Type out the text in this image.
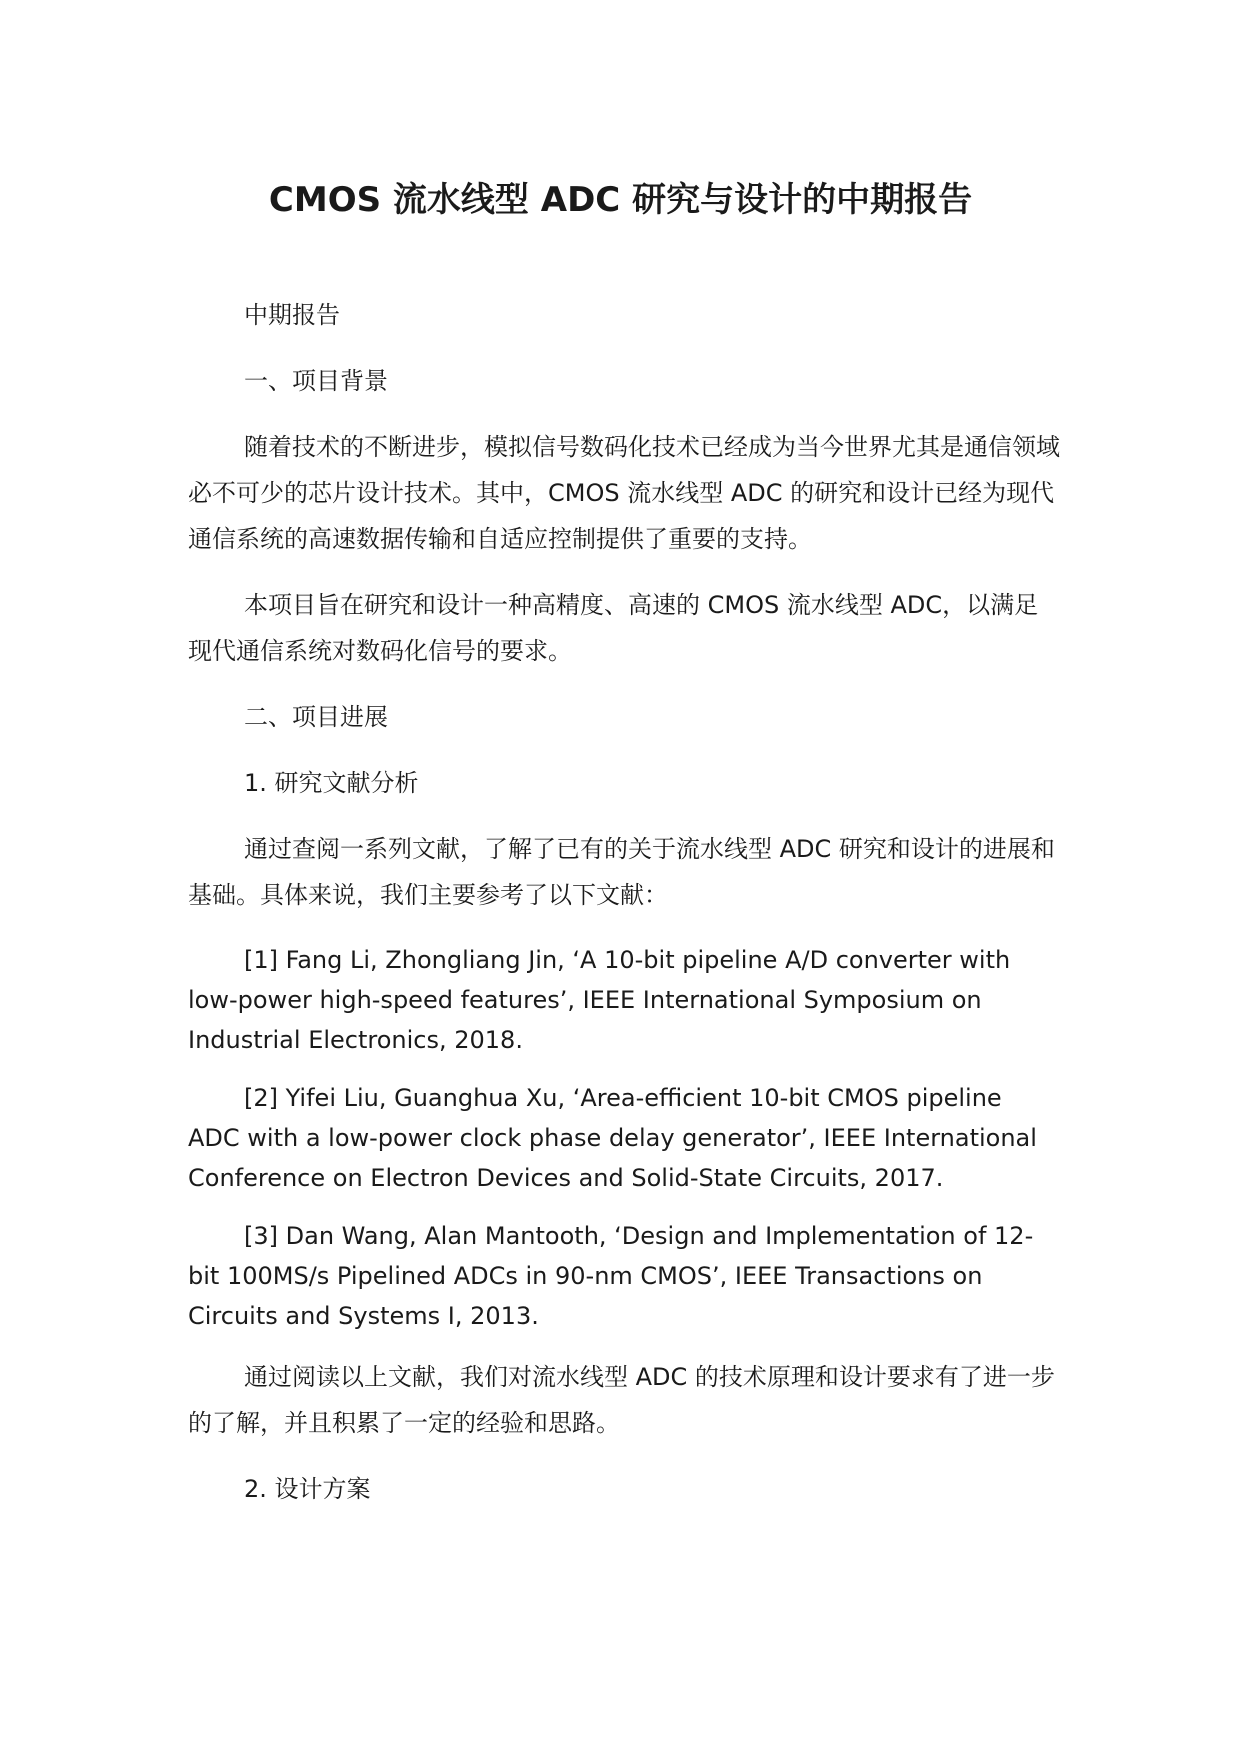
CMOS 流水线型 ADC 研究与设计的中期报告

中期报告

一、项目背景

随着技术的不断进步，模拟信号数码化技术已经成为当今世界尤其是通信领域必不可少的芯片设计技术。其中，CMOS 流水线型 ADC 的研究和设计已经为现代通信系统的高速数据传输和自适应控制提供了重要的支持。

本项目旨在研究和设计一种高精度、高速的 CMOS 流水线型 ADC，以满足现代通信系统对数码化信号的要求。

二、项目进展

1. 研究文献分析

通过查阅一系列文献，了解了已有的关于流水线型 ADC 研究和设计的进展和基础。具体来说，我们主要参考了以下文献：

[1] Fang Li, Zhongliang Jin, ‘A 10-bit pipeline A/D converter with low-power high-speed features’, IEEE International Symposium on Industrial Electronics, 2018.

[2] Yifei Liu, Guanghua Xu, ‘Area-efficient 10-bit CMOS pipeline ADC with a low-power clock phase delay generator’, IEEE International Conference on Electron Devices and Solid-State Circuits, 2017.

[3] Dan Wang, Alan Mantooth, ‘Design and Implementation of 12-bit 100MS/s Pipelined ADCs in 90-nm CMOS’, IEEE Transactions on Circuits and Systems I, 2013.

通过阅读以上文献，我们对流水线型 ADC 的技术原理和设计要求有了进一步的了解，并且积累了一定的经验和思路。

2. 设计方案
